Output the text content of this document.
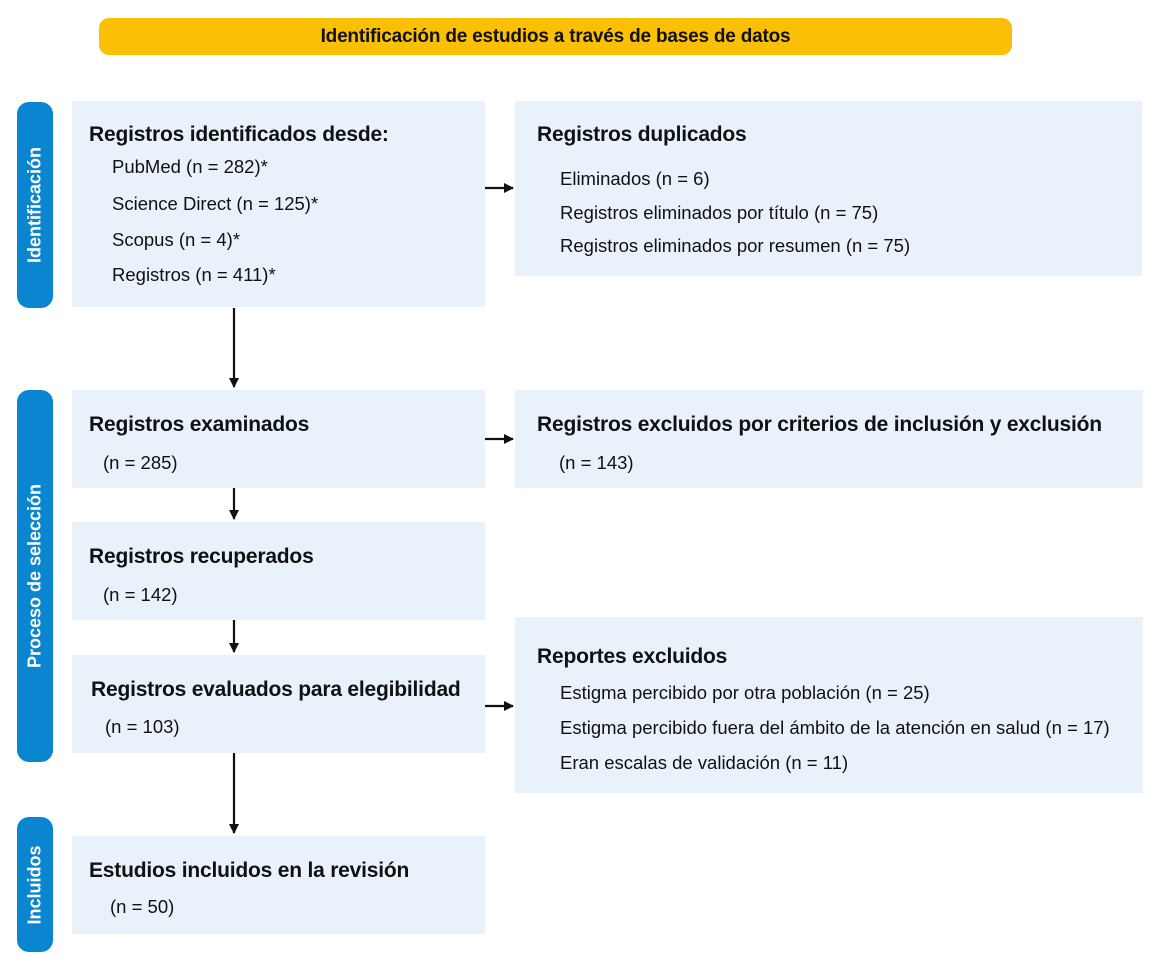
Identificación de estudios a través de bases de datos
Identificación
Proceso de selección
Incluidos
Registros identificados desde:
PubMed (n = 282)*
Science Direct (n = 125)*
Scopus (n = 4)*
Registros (n = 411)*
Registros duplicados
Eliminados (n = 6)
Registros eliminados por título (n = 75)
Registros eliminados por resumen (n = 75)
Registros examinados
(n = 285)
Registros excluidos por criterios de inclusión y exclusión
(n = 143)
Registros recuperados
(n = 142)
Registros evaluados para elegibilidad
(n = 103)
Reportes excluidos
Estigma percibido por otra población (n = 25)
Estigma percibido fuera del ámbito de la atención en salud (n = 17)
Eran escalas de validación (n = 11)
Estudios incluidos en la revisión
(n = 50)
